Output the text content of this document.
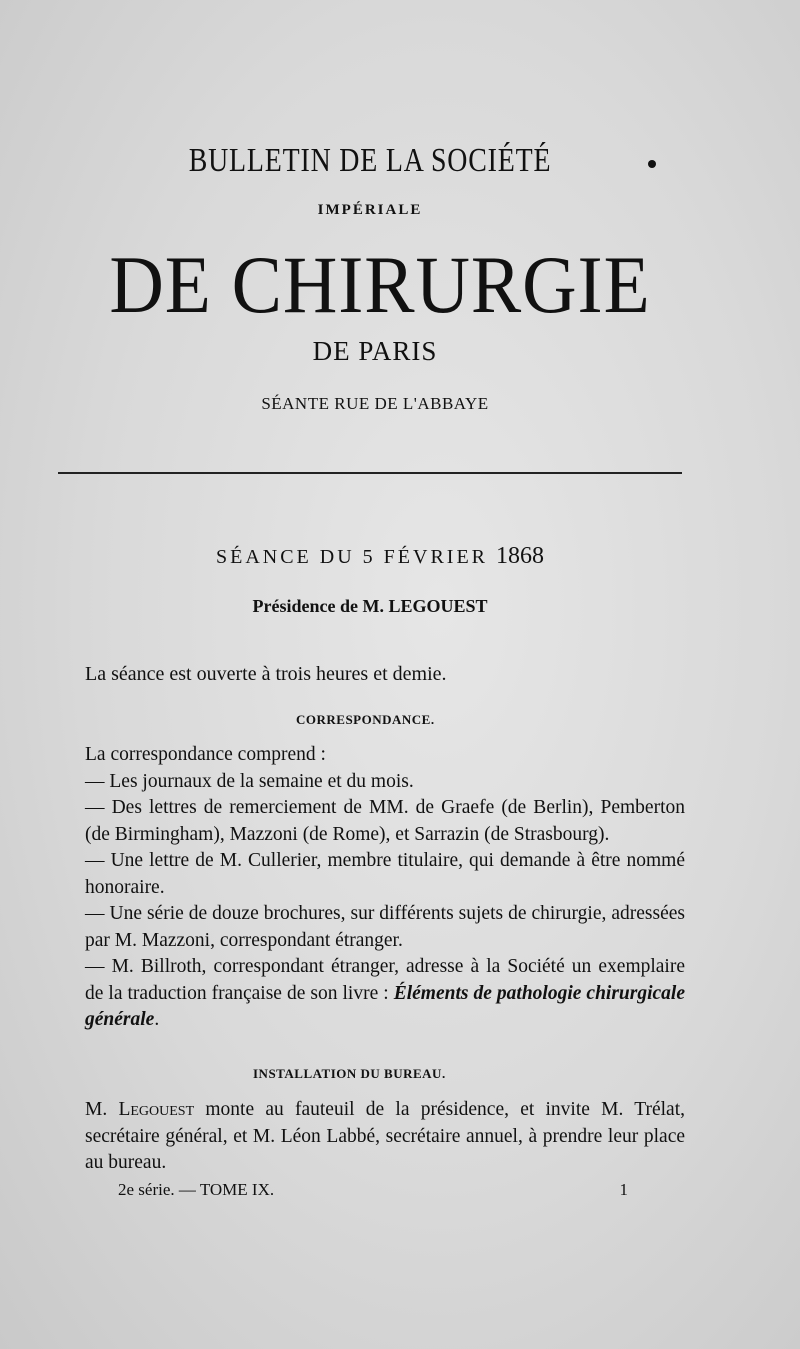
BULLETIN DE LA SOCIÉTÉ
IMPÉRIALE
DE CHIRURGIE
DE PARIS
SÉANTE RUE DE L'ABBAYE
SÉANCE DU 5 FÉVRIER 1868
Présidence de M. LEGOUEST
La séance est ouverte à trois heures et demie.
CORRESPONDANCE.

La correspondance comprend :

— Les journaux de la semaine et du mois.

— Des lettres de remerciement de MM. de Graefe (de Berlin), Pemberton (de Birmingham), Mazzoni (de Rome), et Sarrazin (de Strasbourg).

— Une lettre de M. Cullerier, membre titulaire, qui demande à être nommé honoraire.

— Une série de douze brochures, sur différents sujets de chirurgie, adressées par M. Mazzoni, correspondant étranger.

— M. Billroth, correspondant étranger, adresse à la Société un exemplaire de la traduction française de son livre : Éléments de pathologie chirurgicale générale.

INSTALLATION DU BUREAU.

M. Legouest monte au fauteuil de la présidence, et invite M. Trélat, secrétaire général, et M. Léon Labbé, secrétaire annuel, à prendre leur place au bureau.

2e série. — TOME IX.	1
